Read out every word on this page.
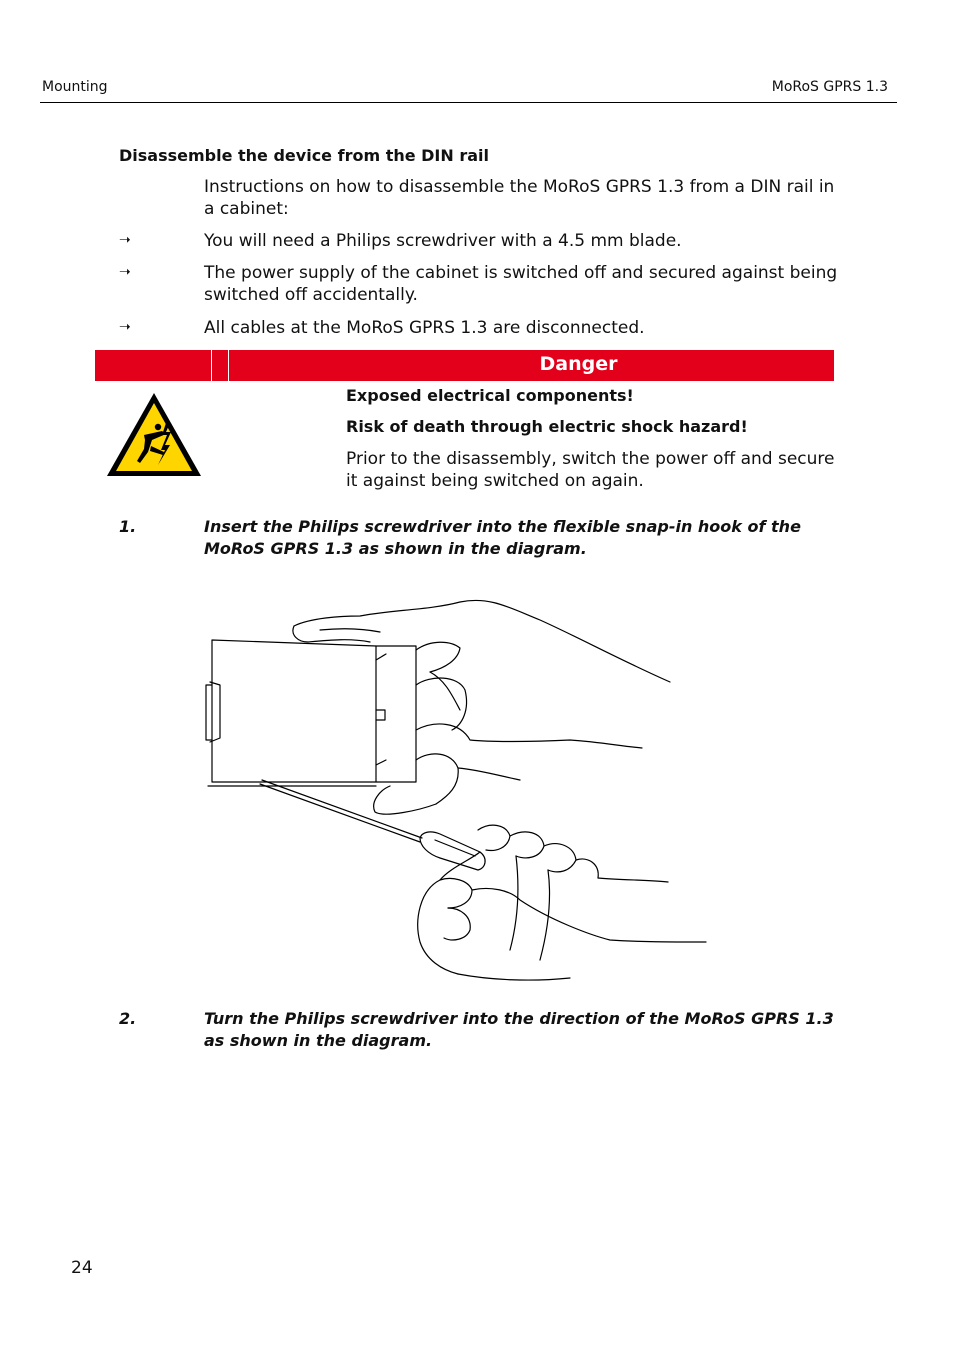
Mounting	MoRoS GPRS 1.3
Disassemble the device from the DIN rail
Instructions on how to disassemble the MoRoS GPRS 1.3 from a DIN rail in a cabinet:
➝	You will need a Philips screwdriver with a 4.5 mm blade.
➝	The power supply of the cabinet is switched off and secured against being switched off accidentally.
➝	All cables at the MoRoS GPRS 1.3 are disconnected.
Danger
Exposed electrical components!
Risk of death through electric shock hazard!
Prior to the disassembly, switch the power off and secure it against being switched on again.
1.	Insert the Philips screwdriver into the flexible snap-in hook of the MoRoS GPRS 1.3 as shown in the diagram.
2.	Turn the Philips screwdriver into the direction of the MoRoS GPRS 1.3 as shown in the diagram.
24
